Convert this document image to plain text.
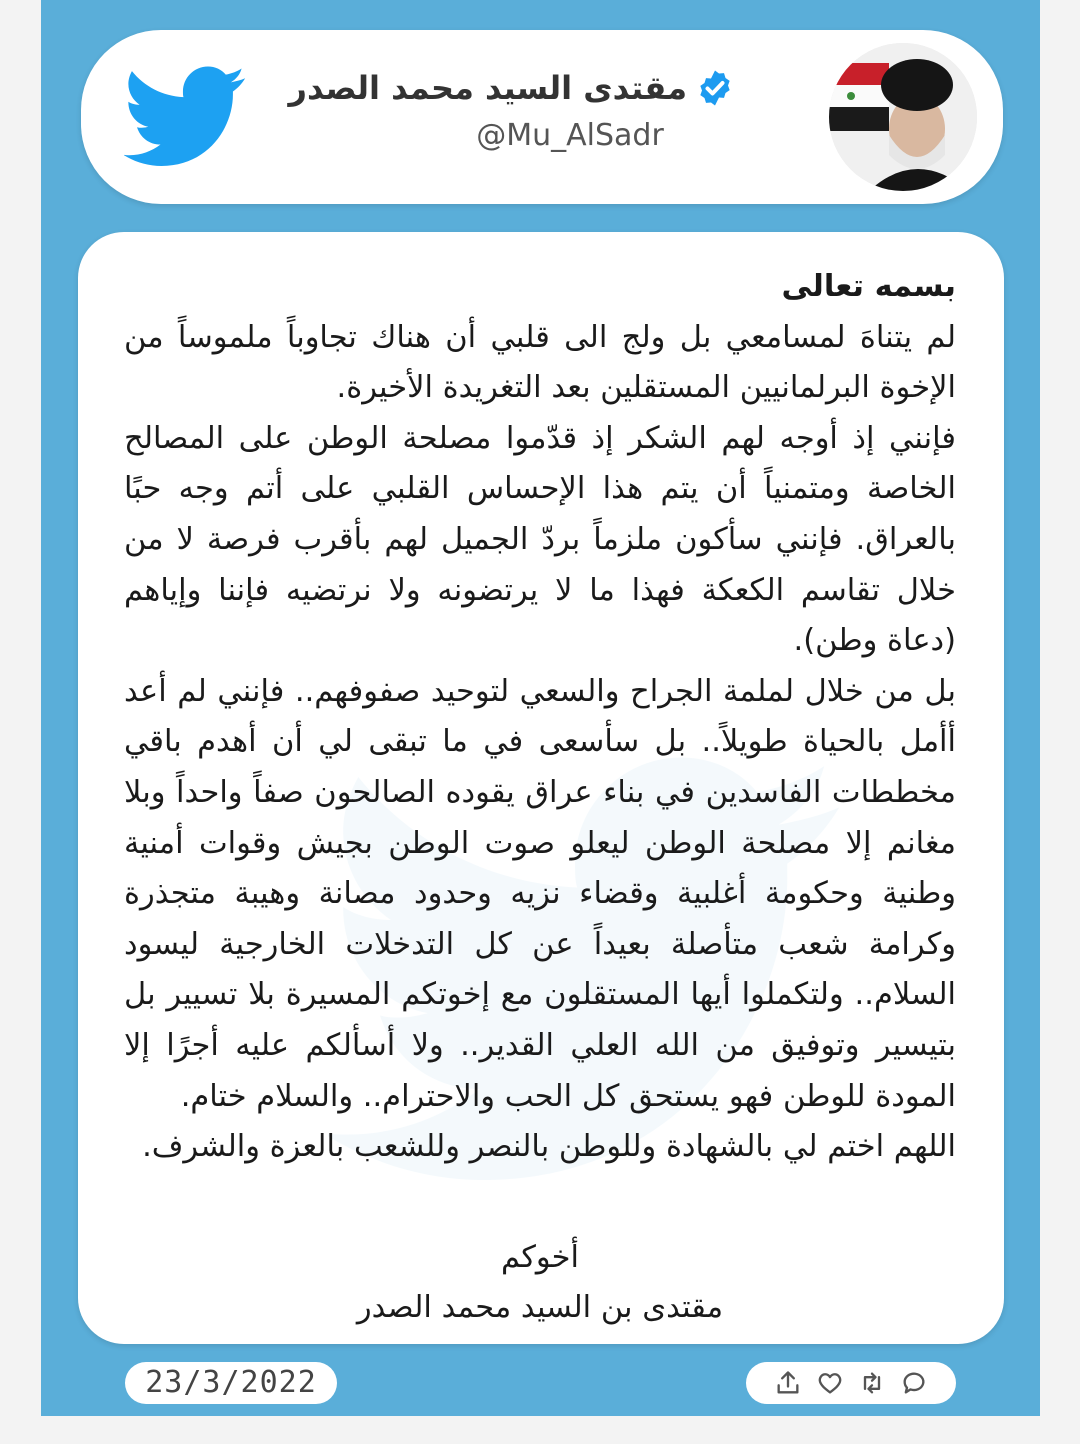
مقتدى السيد محمد الصدر
@Mu_AlSadr

بسمه تعالى

لم يتناهَ لمسامعي بل ولج الى قلبي أن هناك تجاوباً ملموساً من الإخوة البرلمانيين المستقلين بعد التغريدة الأخيرة.

فإنني إذ أوجه لهم الشكر إذ قدّموا مصلحة الوطن على المصالح الخاصة ومتمنياً أن يتم هذا الإحساس القلبي على أتم وجه حبًا بالعراق. فإنني سأكون ملزماً بردّ الجميل لهم بأقرب فرصة لا من خلال تقاسم الكعكة فهذا ما لا يرتضونه ولا نرتضيه فإننا وإياهم (دعاة وطن).

بل من خلال لملمة الجراح والسعي لتوحيد صفوفهم.. فإنني لم أعد أأمل بالحياة طويلاً.. بل سأسعى في ما تبقى لي أن أهدم باقي مخططات الفاسدين في بناء عراق يقوده الصالحون صفاً واحداً وبلا مغانم إلا مصلحة الوطن ليعلو صوت الوطن بجيش وقوات أمنية وطنية وحكومة أغلبية وقضاء نزيه وحدود مصانة وهيبة متجذرة وكرامة شعب متأصلة بعيداً عن كل التدخلات الخارجية ليسود السلام.. ولتكملوا أيها المستقلون مع إخوتكم المسيرة بلا تسيير بل بتيسير وتوفيق من الله العلي القدير.. ولا أسألكم عليه أجرًا إلا المودة للوطن فهو يستحق كل الحب والاحترام.. والسلام ختام.

اللهم اختم لي بالشهادة وللوطن بالنصر وللشعب بالعزة والشرف.

أخوكم
مقتدى بن السيد محمد الصدر
23/3/2022
